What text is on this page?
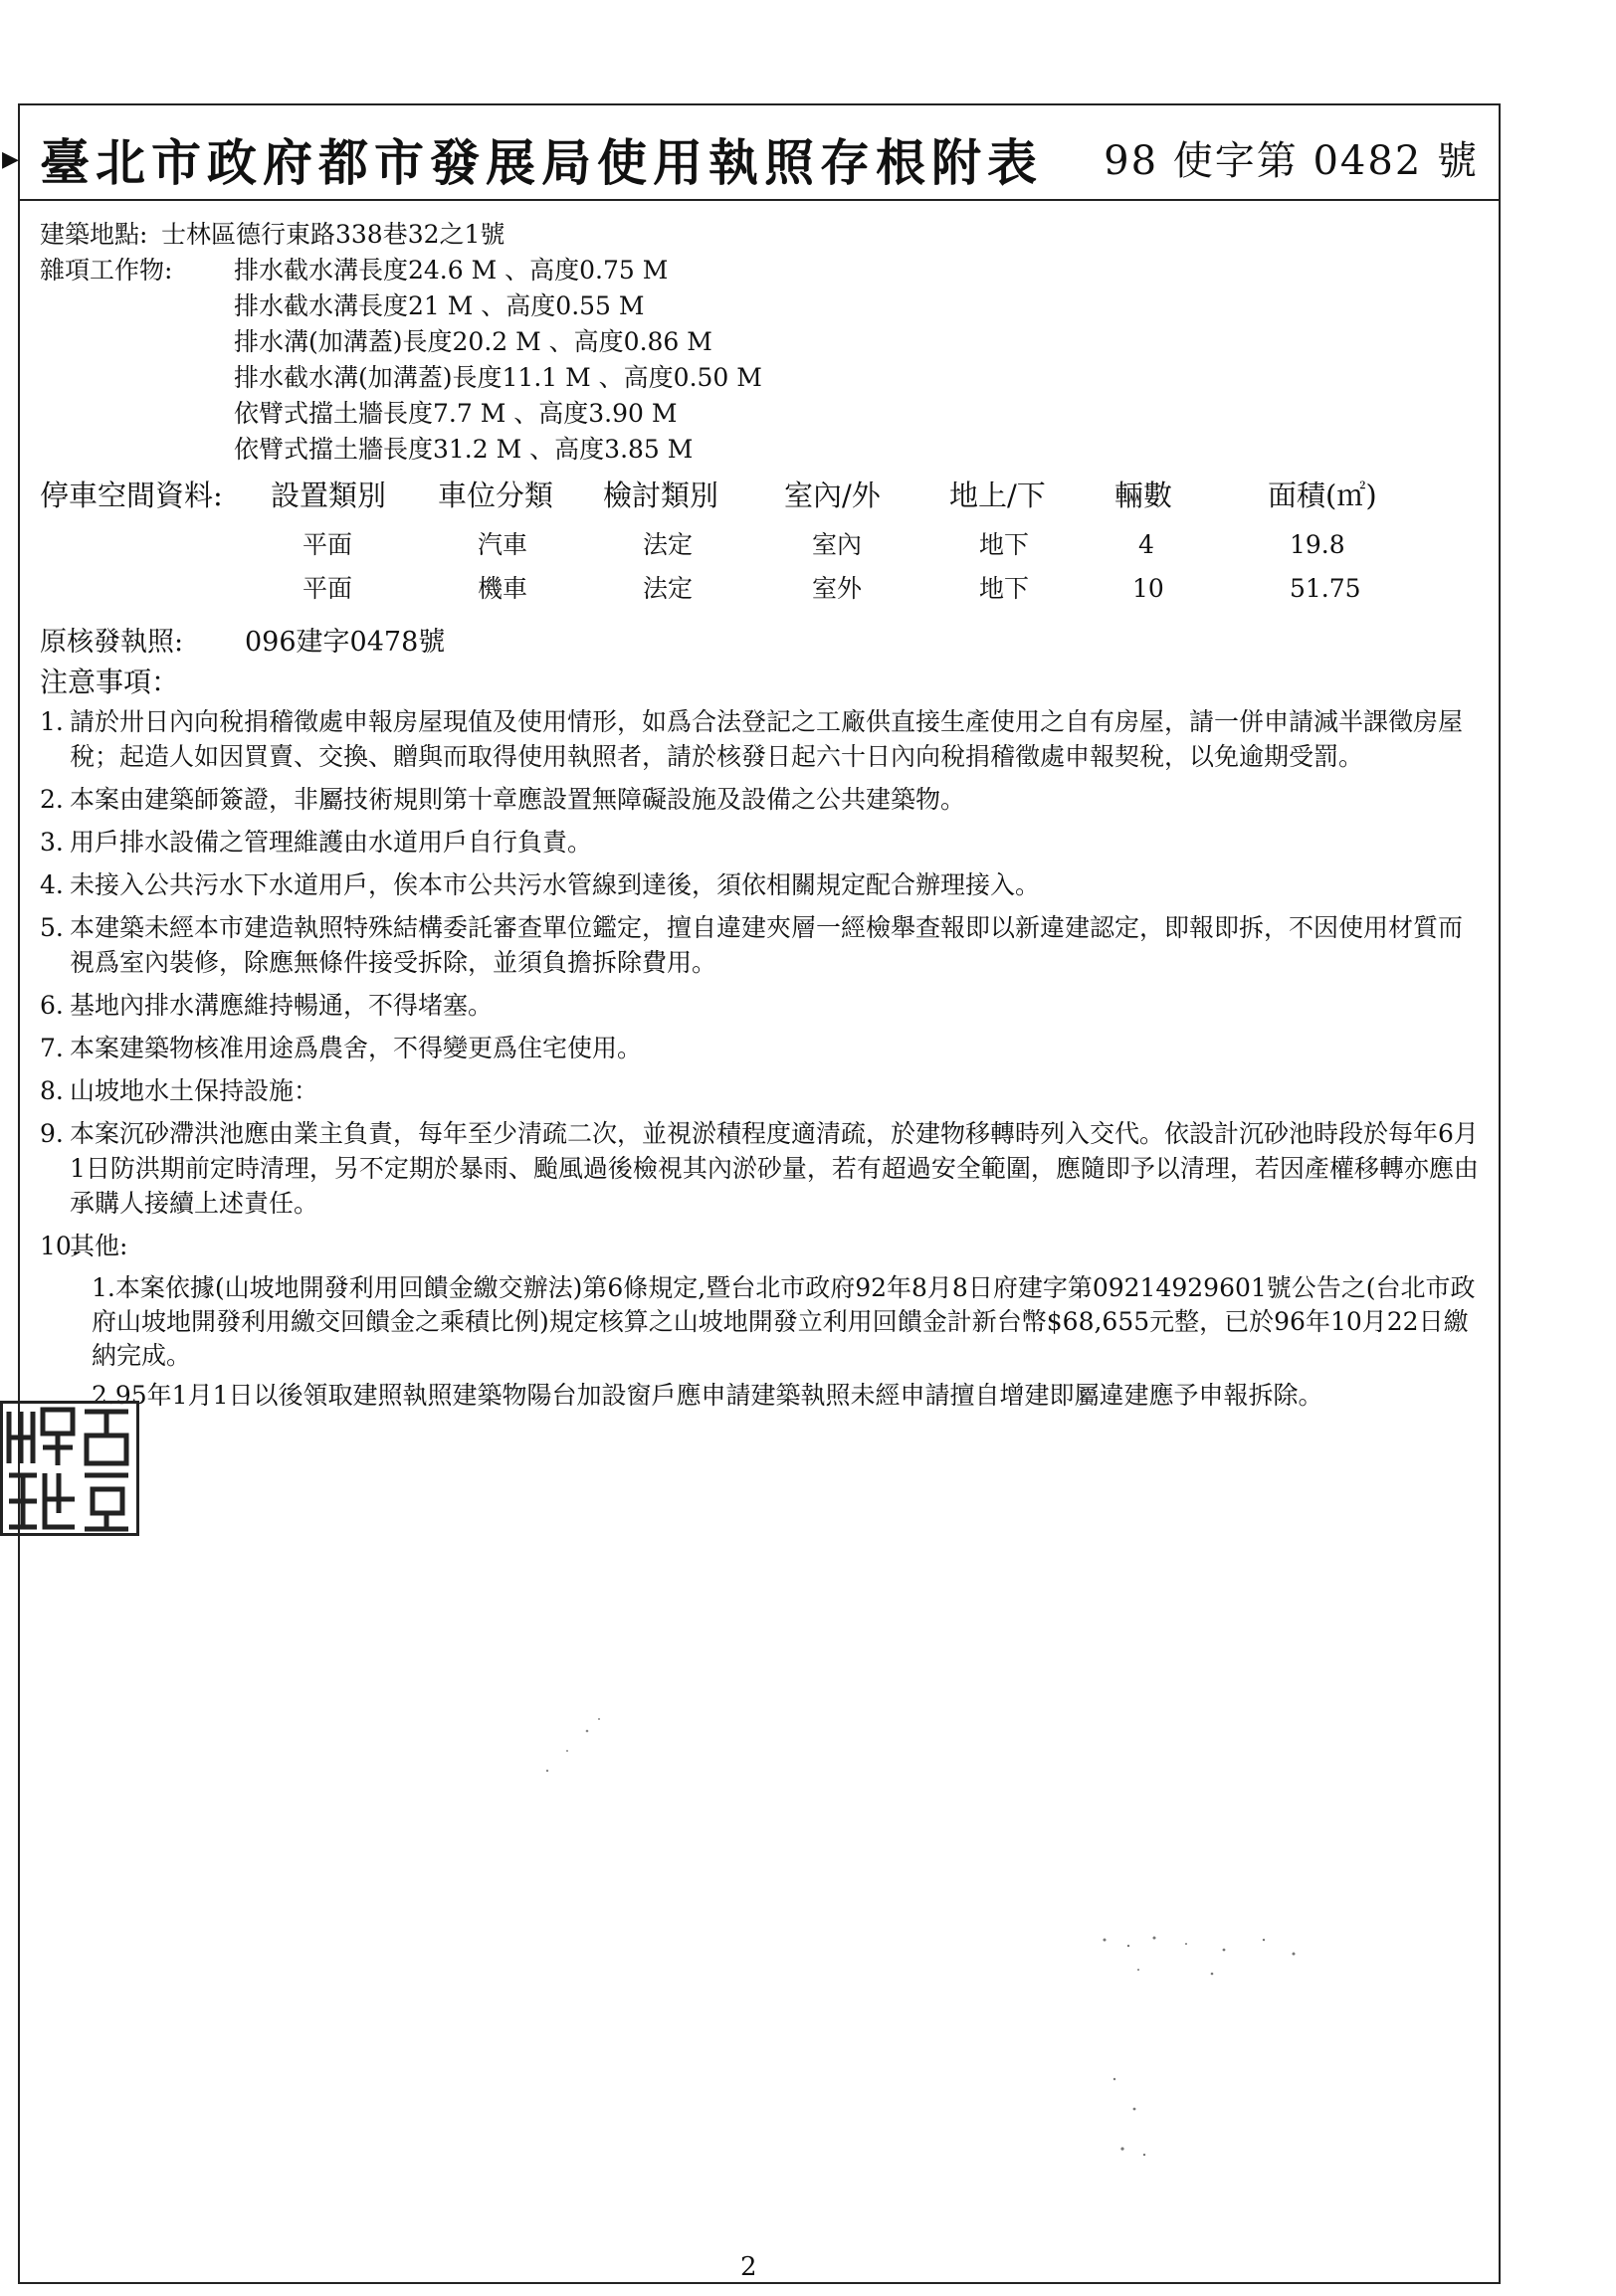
臺北市政府都市發展局使用執照存根附表 98 使字第 0482 號
▶
建築地點: 士林區德行東路338巷32之1號
雜項工作物: 排水截水溝長度24.6 M 、高度0.75 M
排水截水溝長度21 M 、高度0.55 M
排水溝(加溝蓋)長度20.2 M 、高度0.86 M
排水截水溝(加溝蓋)長度11.1 M 、高度0.50 M
依臂式擋土牆長度7.7 M 、高度3.90 M
依臂式擋土牆長度31.2 M 、高度3.85 M
停車空間資料: 設置類別 車位分類 檢討類別 室內/外 地上/下 輛數	面積(㎡)
平面	汽車	法定	室內	地下	4	19.8
平面	機車	法定	室外	地下	10	51.75
原核發執照: 096建字0478號
注意事項：
1. 請於卅日內向稅捐稽徵處申報房屋現值及使用情形，如爲合法登記之工廠供直接生產使用之自有房屋，請一併申請減半課徵房屋稅；起造人如因買賣、交換、贈與而取得使用執照者，請於核發日起六十日內向稅捐稽徵處申報契稅，以免逾期受罰。
2. 本案由建築師簽證，非屬技術規則第十章應設置無障礙設施及設備之公共建築物。
3. 用戶排水設備之管理維護由水道用戶自行負責。
4. 未接入公共污水下水道用戶，俟本市公共污水管線到達後，須依相關規定配合辦理接入。
5. 本建築未經本市建造執照特殊結構委託審查單位鑑定，擅自違建夾層一經檢舉查報即以新違建認定，即報即拆，不因使用材質而視爲室內裝修，除應無條件接受拆除，並須負擔拆除費用。
6. 基地內排水溝應維持暢通，不得堵塞。
7. 本案建築物核准用途爲農舍，不得變更爲住宅使用。
8. 山坡地水土保持設施：
9. 本案沉砂滯洪池應由業主負責，每年至少清疏二次，並視淤積程度適清疏，於建物移轉時列入交代。依設計沉砂池時段於每年6月1日防洪期前定時清理，另不定期於暴雨、颱風過後檢視其內淤砂量，若有超過安全範圍，應隨即予以清理，若因產權移轉亦應由承購人接續上述責任。
10.
其他:
1.本案依據(山坡地開發利用回饋金繳交辦法)第6條規定,暨台北市政府92年8月8日府建字第09214929601號公告之(台北市政府山坡地開發利用繳交回饋金之乘積比例)規定核算之山坡地開發立利用回饋金計新台幣$68,655元整，已於96年10月22日繳納完成。
2.95年1月1日以後領取建照執照建築物陽台加設窗戶應申請建築執照未經申請擅自增建即屬違建應予申報拆除。
2
